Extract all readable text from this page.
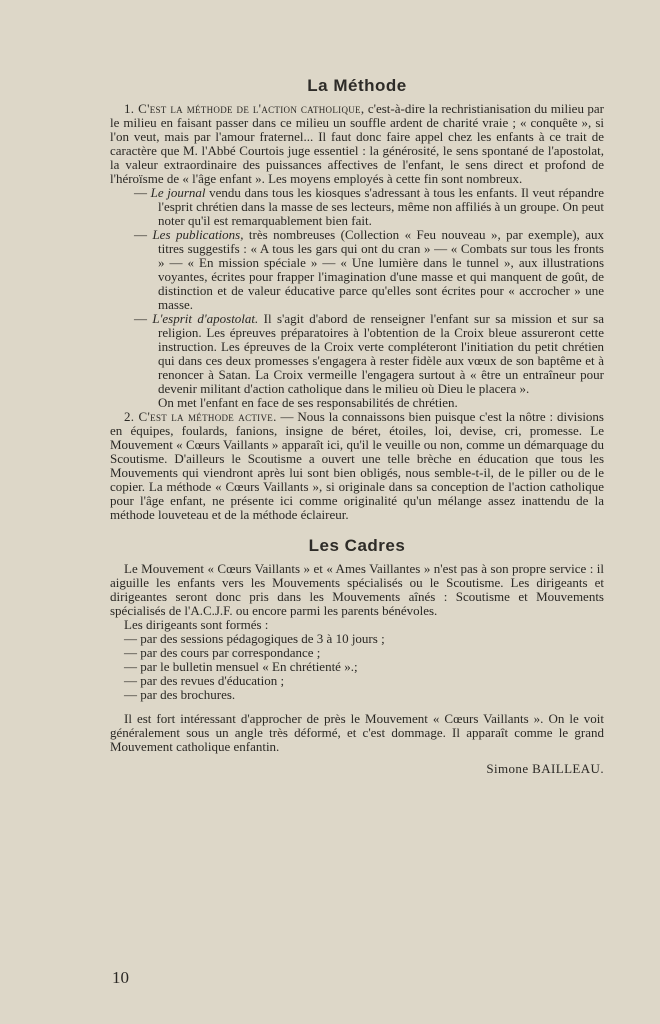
La Méthode

1. C'est la méthode de l'action catholique, c'est-à-dire la rechristianisation du milieu par le milieu en faisant passer dans ce milieu un souffle ardent de charité vraie ; « conquête », si l'on veut, mais par l'amour fraternel... Il faut donc faire appel chez les enfants à ce trait de caractère que M. l'Abbé Courtois juge essentiel : la générosité, le sens spontané de l'apostolat, la valeur extraordinaire des puissances affectives de l'enfant, le sens direct et profond de l'héroïsme de « l'âge enfant ». Les moyens employés à cette fin sont nombreux.

— Le journal vendu dans tous les kiosques s'adressant à tous les enfants. Il veut répandre l'esprit chrétien dans la masse de ses lecteurs, même non affiliés à un groupe. On peut noter qu'il est remarquablement bien fait.

— Les publications, très nombreuses (Collection « Feu nouveau », par exemple), aux titres suggestifs : « A tous les gars qui ont du cran » — « Combats sur tous les fronts » — « En mission spéciale » — « Une lumière dans le tunnel », aux illustrations voyantes, écrites pour frapper l'imagination d'une masse et qui manquent de goût, de distinction et de valeur éducative parce qu'elles sont écrites pour « accrocher » une masse.

— L'esprit d'apostolat. Il s'agit d'abord de renseigner l'enfant sur sa mission et sur sa religion. Les épreuves préparatoires à l'obtention de la Croix bleue assureront cette instruction. Les épreuves de la Croix verte compléteront l'initiation du petit chrétien qui dans ces deux promesses s'engagera à rester fidèle aux vœux de son baptême et à renoncer à Satan. La Croix vermeille l'engagera surtout à « être un entraîneur pour devenir militant d'action catholique dans le milieu où Dieu le placera ».

On met l'enfant en face de ses responsabilités de chrétien.

2. C'est la méthode active. — Nous la connaissons bien puisque c'est la nôtre : divisions en équipes, foulards, fanions, insigne de béret, étoiles, loi, devise, cri, promesse. Le Mouvement « Cœurs Vaillants » apparaît ici, qu'il le veuille ou non, comme un démarquage du Scoutisme. D'ailleurs le Scoutisme a ouvert une telle brèche en éducation que tous les Mouvements qui viendront après lui sont bien obligés, nous semble-t-il, de le piller ou de le copier. La méthode « Cœurs Vaillants », si originale dans sa conception de l'action catholique pour l'âge enfant, ne présente ici comme originalité qu'un mélange assez inattendu de la méthode louveteau et de la méthode éclaireur.

Les Cadres

Le Mouvement « Cœurs Vaillants » et « Ames Vaillantes » n'est pas à son propre service : il aiguille les enfants vers les Mouvements spécialisés ou le Scoutisme. Les dirigeants et dirigeantes seront donc pris dans les Mouvements aînés : Scoutisme et Mouvements spécialisés de l'A.C.J.F. ou encore parmi les parents bénévoles.

Les dirigeants sont formés :

— par des sessions pédagogiques de 3 à 10 jours ;

— par des cours par correspondance ;

— par le bulletin mensuel « En chrétienté ».;

— par des revues d'éducation ;

— par des brochures.

Il est fort intéressant d'approcher de près le Mouvement « Cœurs Vaillants ». On le voit généralement sous un angle très déformé, et c'est dommage. Il apparaît comme le grand Mouvement catholique enfantin.

Simone BAILLEAU.

10
